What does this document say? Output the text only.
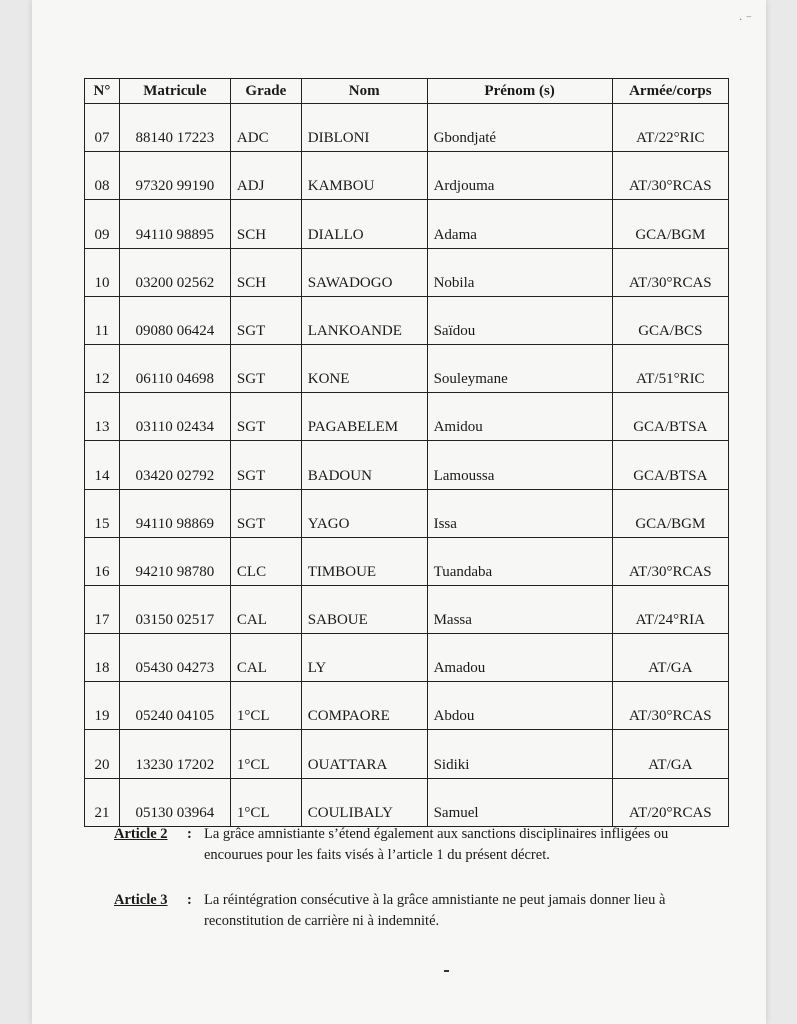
· ⁻
N°	Matricule	Grade	Nom	Prénom (s)	Armée/corps
07	88140 17223	ADC	DIBLONI	Gbondjaté	AT/22°RIC
08	97320 99190	ADJ	KAMBOU	Ardjouma	AT/30°RCAS
09	94110 98895	SCH	DIALLO	Adama	GCA/BGM
10	03200 02562	SCH	SAWADOGO	Nobila	AT/30°RCAS
11	09080 06424	SGT	LANKOANDE	Saïdou	GCA/BCS
12	06110 04698	SGT	KONE	Souleymane	AT/51°RIC
13	03110 02434	SGT	PAGABELEM	Amidou	GCA/BTSA
14	03420 02792	SGT	BADOUN	Lamoussa	GCA/BTSA
15	94110 98869	SGT	YAGO	Issa	GCA/BGM
16	94210 98780	CLC	TIMBOUE	Tuandaba	AT/30°RCAS
17	03150 02517	CAL	SABOUE	Massa	AT/24°RIA
18	05430 04273	CAL	LY	Amadou	AT/GA
19	05240 04105	1°CL	COMPAORE	Abdou	AT/30°RCAS
20	13230 17202	1°CL	OUATTARA	Sidiki	AT/GA
21	05130 03964	1°CL	COULIBALY	Samuel	AT/20°RCAS
Article 2 : La grâce amnistiante s’étend également aux sanctions disciplinaires infligées ou encourues pour les faits visés à l’article 1 du présent décret.
Article 3 : La réintégration consécutive à la grâce amnistiante ne peut jamais donner lieu à reconstitution de carrière ni à indemnité.
